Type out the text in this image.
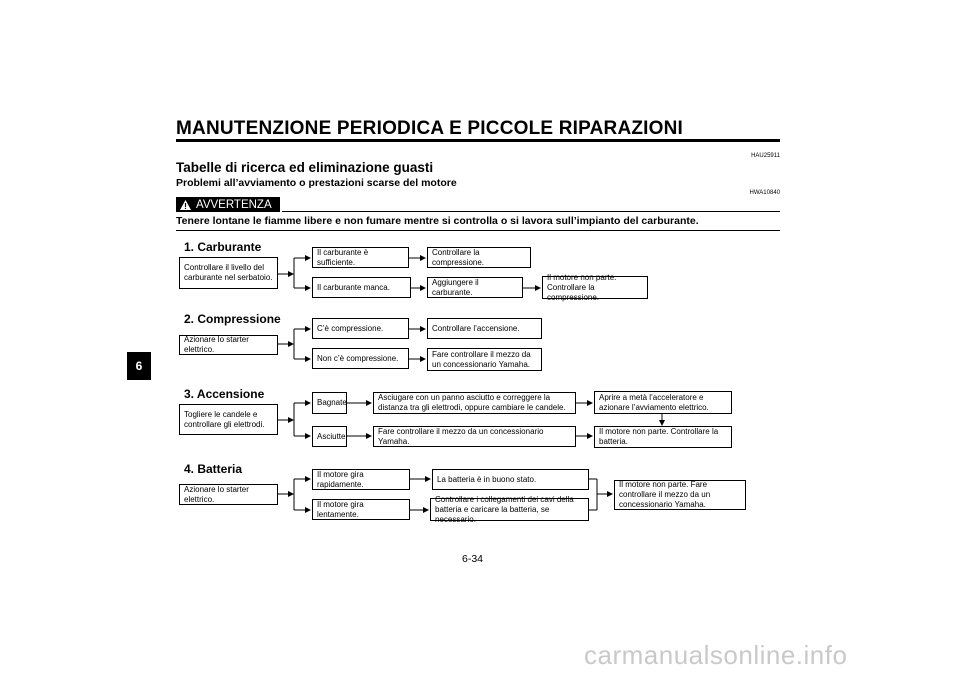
MANUTENZIONE PERIODICA E PICCOLE RIPARAZIONI
HAU25911
Tabelle di ricerca ed eliminazione guasti
Problemi all’avviamento o prestazioni scarse del motore
HWA10840
AVVERTENZA
Tenere lontane le fiamme libere e non fumare mentre si controlla o si lavora sull’impianto del carburante.
6
1. Carburante
Controllare il livello del carburante nel serbatoio.
Il carburante è sufficiente.
Controllare la compressione.
Il carburante manca.
Aggiungere il carburante.
Il motore non parte. Controllare la compressione.
2. Compressione
Azionare lo starter elettrico.
C’è compressione.	Controllare l’accensione.
Non c’è compressione.	Fare controllare il mezzo da un concessionario Yamaha.
3. Accensione
Togliere le candele e controllare gli elettrodi.
Bagnate
Asciugare con un panno asciutto e correggere la distanza tra gli elettrodi, oppure cambiare le candele.
Aprire a metà l’acceleratore e azionare l’avviamento elettrico.
Asciutte
Fare controllare il mezzo da un concessionario Yamaha.
Il motore non parte. Controllare la batteria.
4. Batteria
Azionare lo starter elettrico.
Il motore gira rapidamente.
La batteria è in buono stato.
Il motore gira lentamente.
Controllare i collegamenti dei cavi della batteria e caricare la batteria, se necessario.
Il motore non parte. Fare controllare il mezzo da un concessionario Yamaha.
6-34
carmanualsonline.info
